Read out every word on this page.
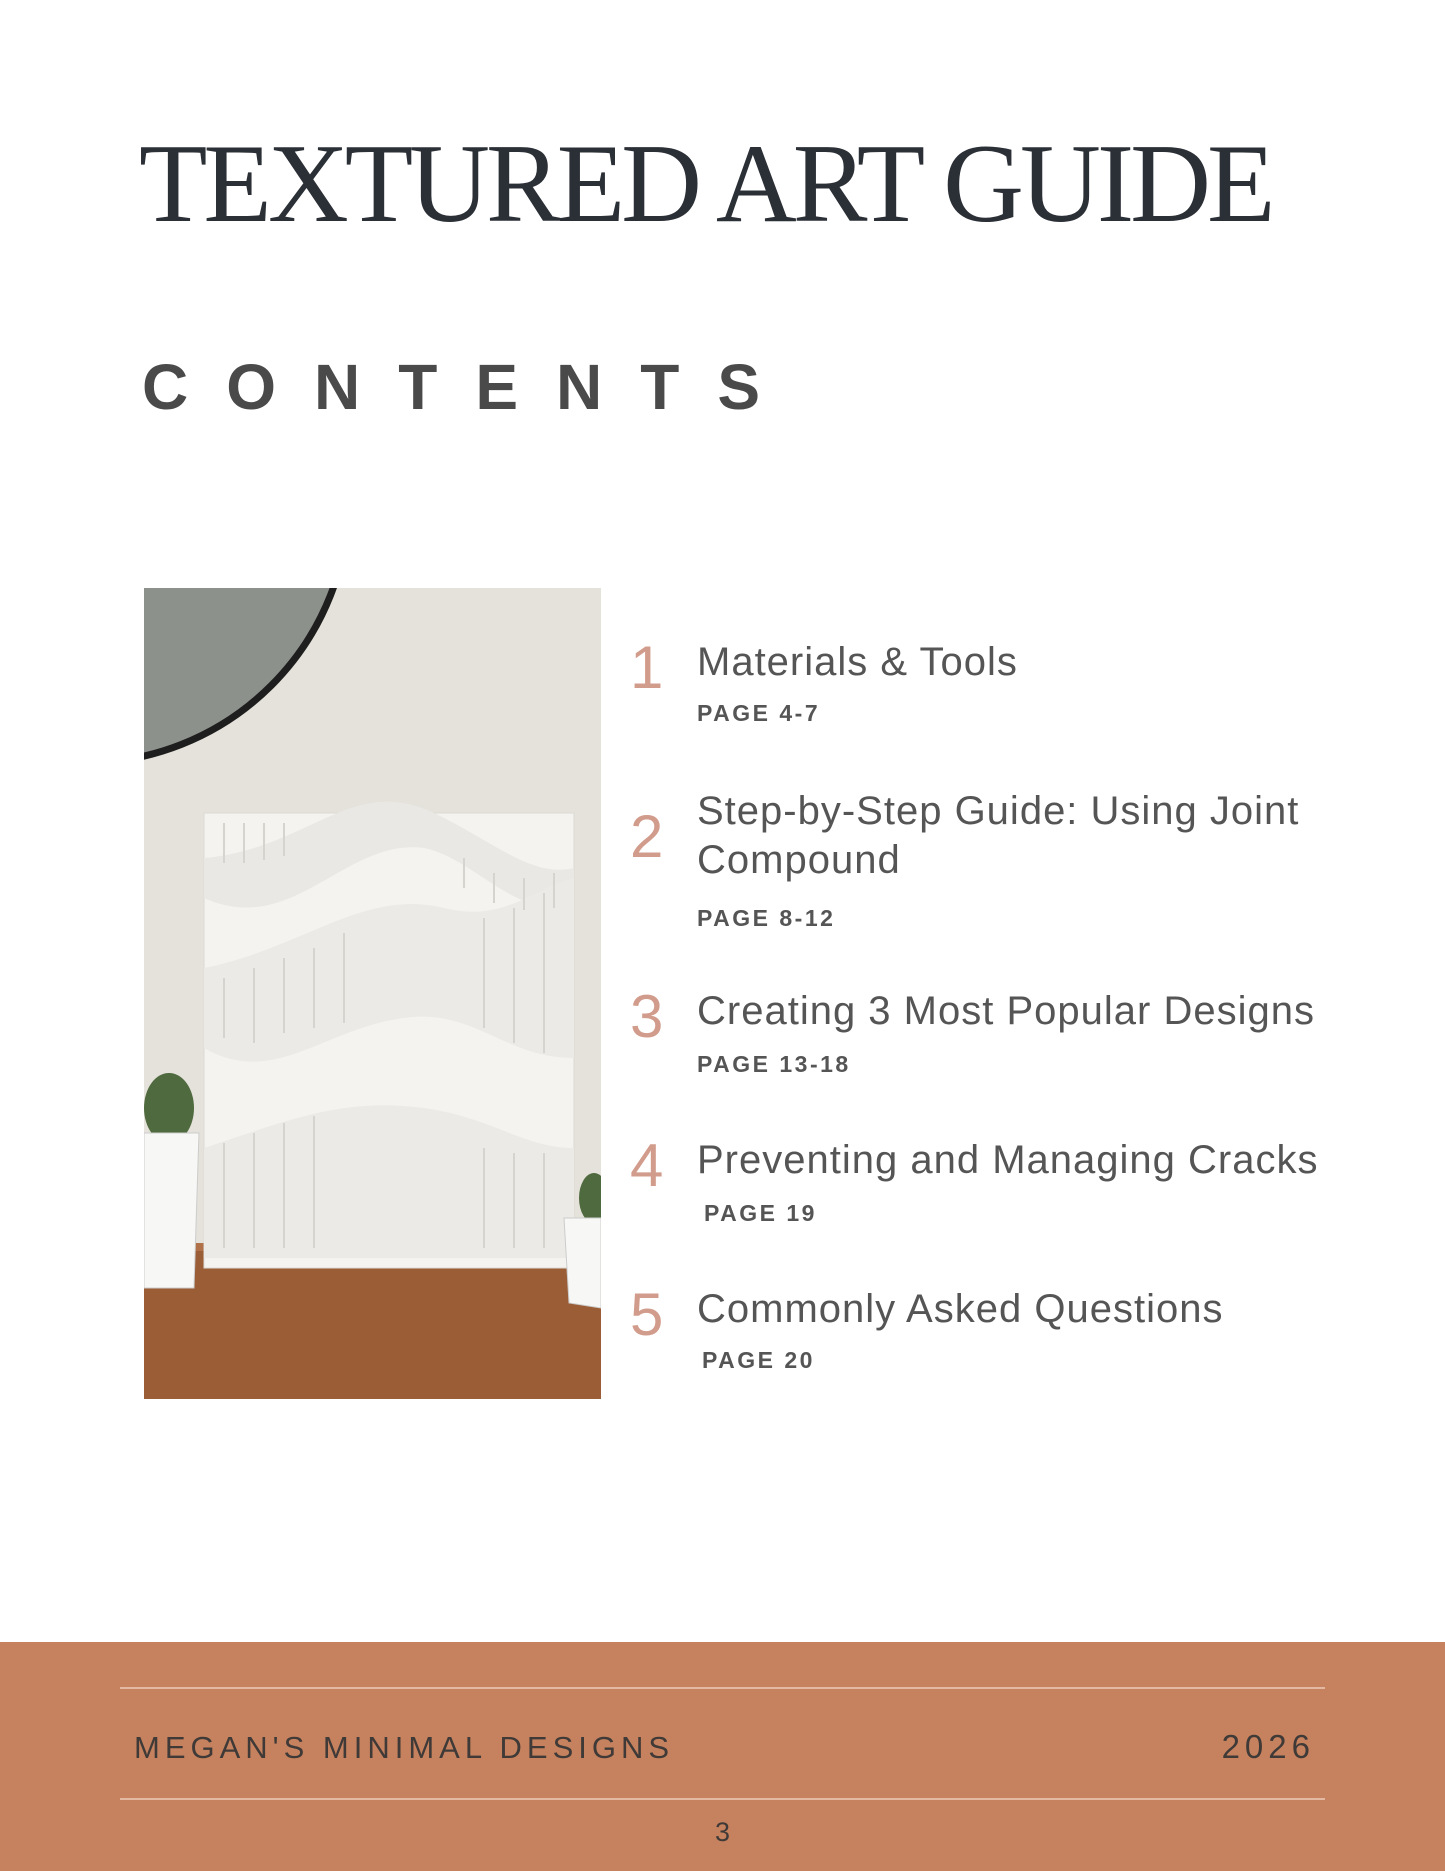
TEXTURED ART GUIDE
CONTENTS
1 Materials & Tools
PAGE 4-7
2 Step-by-Step Guide: Using Joint Compound
PAGE 8-12
3 Creating 3 Most Popular Designs
PAGE 13-18
4 Preventing and Managing Cracks
PAGE 19
5 Commonly Asked Questions
PAGE 20
MEGAN'S MINIMAL DESIGNS	2026
3
